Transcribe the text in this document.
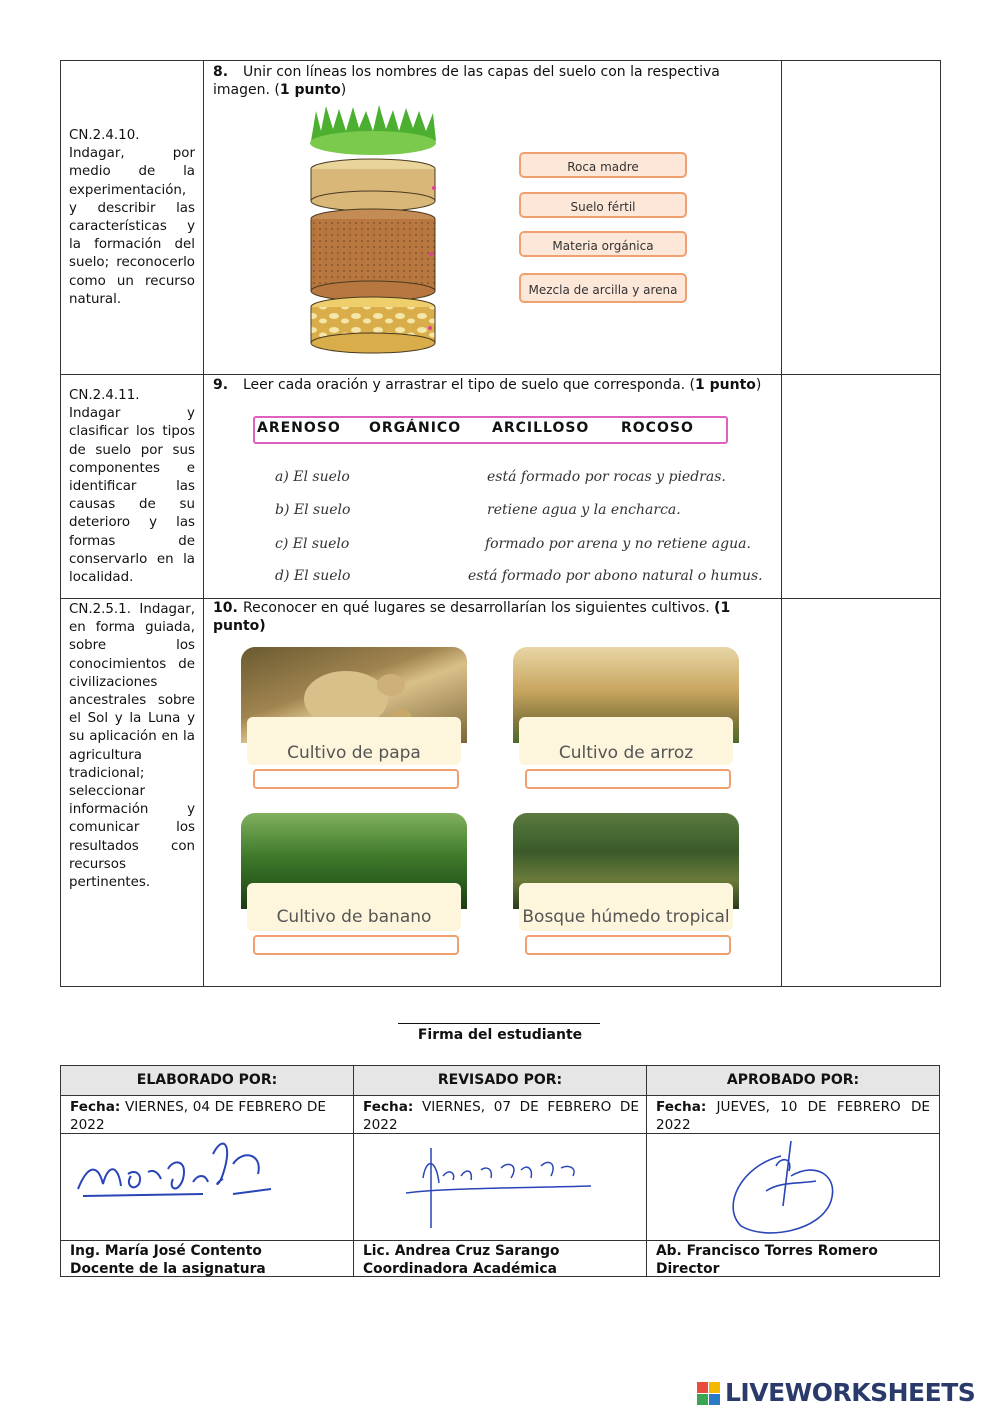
CN.2.4.10. Indagar, por medio de la experimentación, y describir las características y la formación del suelo; reconocerlo como un recurso natural.
8. Unir con líneas los nombres de las capas del suelo con la respectiva imagen. (1 punto)
Roca madre
Suelo fértil
Materia orgánica
Mezcla de arcilla y arena
CN.2.4.11. Indagar y clasificar los tipos de suelo por sus componentes e identificar las causas de su deterioro y las formas de conservarlo en la localidad.
9. Leer cada oración y arrastrar el tipo de suelo que corresponda. (1 punto)
ARENOSO ORGÁNICO ARCILLOSO ROCOSO
a) El suelo	está formado por rocas y piedras.
b) El suelo	retiene agua y la encharca.
c) El suelo	formado por arena y no retiene agua.
d) El suelo	está formado por abono natural o humus.
CN.2.5.1. Indagar, en forma guiada, sobre los conocimientos de civilizaciones ancestrales sobre el Sol y la Luna y su aplicación en la agricultura tradicional; seleccionar información y comunicar los resultados con recursos pertinentes.
10. Reconocer en qué lugares se desarrollarían los siguientes cultivos. (1 punto)
Cultivo de papa	Cultivo de arroz
Cultivo de banano	Bosque húmedo tropical
Firma del estudiante
ELABORADO POR:	REVISADO POR:	APROBADO POR:
Fecha: VIERNES, 04 DE FEBRERO DE 2022
Fecha: VIERNES, 07 DE FEBRERO DE 2022
Fecha: JUEVES, 10 DE FEBRERO DE 2022
Ing. María José Contento
Docente de la asignatura
Lic. Andrea Cruz Sarango
Coordinadora Académica
Ab. Francisco Torres Romero
Director
LIVEWORKSHEETS
